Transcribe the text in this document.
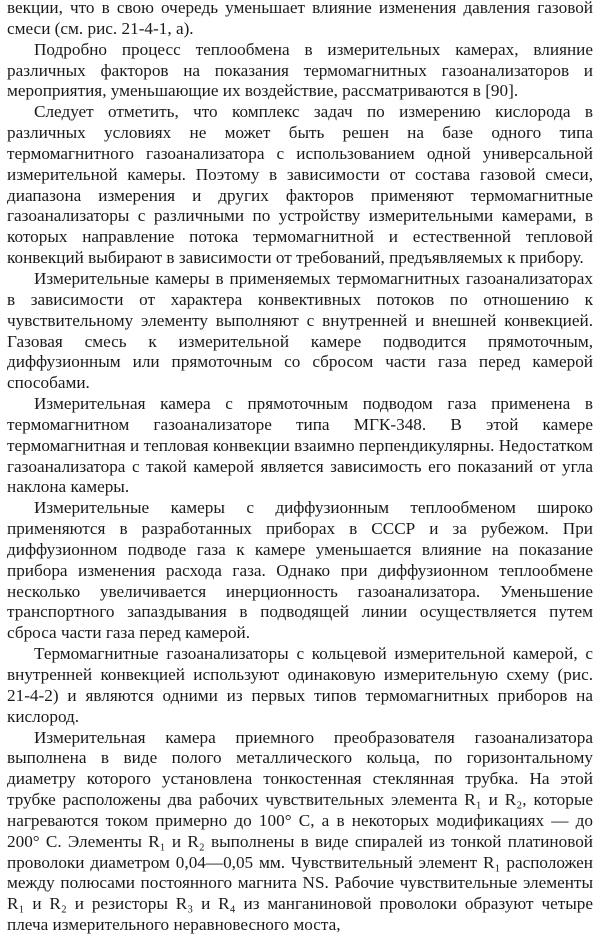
векции, что в свою очередь уменьшает влияние изменения давления газовой смеси (см. рис. 21-4-1, а).

Подробно процесс теплообмена в измерительных камерах, влияние различных факторов на показания термомагнитных газоанализаторов и мероприятия, уменьшающие их воздействие, рассматриваются в [90].

Следует отметить, что комплекс задач по измерению кислорода в различных условиях не может быть решен на базе одного типа термомагнитного газоанализатора с использованием одной универсальной измерительной камеры. Поэтому в зависимости от состава газовой смеси, диапазона измерения и других факторов применяют термомагнитные газоанализаторы с различными по устройству измерительными камерами, в которых направление потока термомагнитной и естественной тепловой конвекций выбирают в зависимости от требований, предъявляемых к прибору.

Измерительные камеры в применяемых термомагнитных газоанализаторах в зависимости от характера конвективных потоков по отношению к чувствительному элементу выполняют с внутренней и внешней конвекцией. Газовая смесь к измерительной камере подводится прямоточным, диффузионным или прямоточным со сбросом части газа перед камерой способами.

Измерительная камера с прямоточным подводом газа применена в термомагнитном газоанализаторе типа МГК-348. В этой камере термомагнитная и тепловая конвекции взаимно перпендикулярны. Недостатком газоанализатора с такой камерой является зависимость его показаний от угла наклона камеры.

Измерительные камеры с диффузионным теплообменом широко применяются в разработанных приборах в СССР и за рубежом. При диффузионном подводе газа к камере уменьшается влияние на показание прибора изменения расхода газа. Однако при диффузионном теплообмене несколько увеличивается инерционность газоанализатора. Уменьшение транспортного запаздывания в подводящей линии осуществляется путем сброса части газа перед камерой.

Термомагнитные газоанализаторы с кольцевой измерительной камерой, с внутренней конвекцией используют одинаковую измерительную схему (рис. 21-4-2) и являются одними из первых типов термомагнитных приборов на кислород.

Измерительная камера приемного преобразователя газоанализатора выполнена в виде полого металлического кольца, по горизонтальному диаметру которого установлена тонкостенная стеклянная трубка. На этой трубке расположены два рабочих чувствительных элемента R₁ и R₂, которые нагреваются током примерно до 100° C, а в некоторых модификациях — до 200° C. Элементы R₁ и R₂ выполнены в виде спиралей из тонкой платиновой проволоки диаметром 0,04—0,05 мм. Чувствительный элемент R₁ расположен между полюсами постоянного магнита NS. Рабочие чувствительные элементы R₁ и R₂ и резисторы R₃ и R₄ из манганиновой проволоки образуют четыре плеча измерительного неравновесного моста,
